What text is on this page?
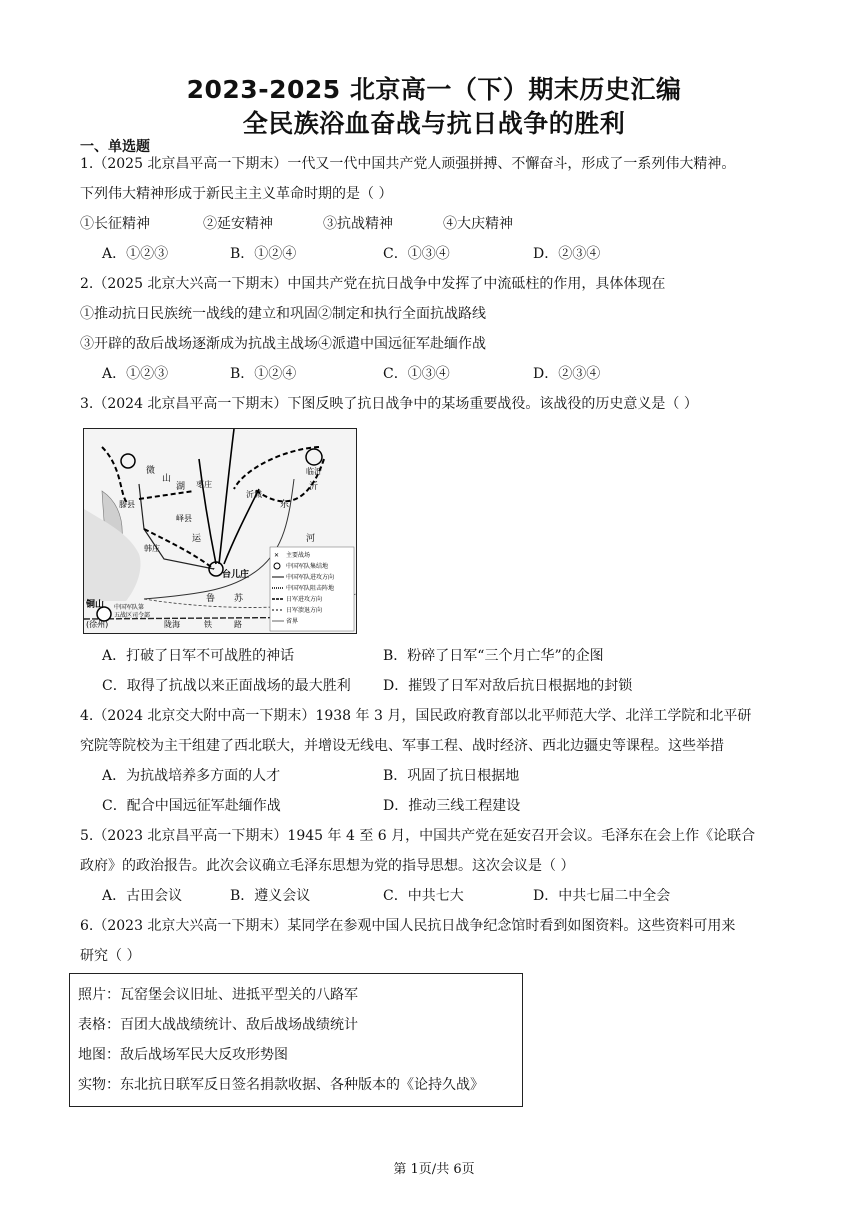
2023-2025 北京高一（下）期末历史汇编
全民族浴血奋战与抗日战争的胜利
一、单选题
1.（2025 北京昌平高一下期末）一代又一代中国共产党人顽强拼搏、不懈奋斗，形成了一系列伟大精神。
下列伟大精神形成于新民主主义革命时期的是（ ）
①长征精神	②延安精神	③抗战精神	④大庆精神
A．①②③	B．①②④	C．①③④	D．②③④
2.（2025 北京大兴高一下期末）中国共产党在抗日战争中发挥了中流砥柱的作用，具体体现在
①推动抗日民族统一战线的建立和巩固②制定和执行全面抗战路线
③开辟的敌后战场逐渐成为抗战主战场④派遣中国远征军赴缅作战
A．①②③	B．①②④	C．①③④	D．②③④
3.（2024 北京昌平高一下期末）下图反映了抗日战争中的某场重要战役。该战役的历史意义是（ ）
滕县
枣庄
峄县
韩庄
台儿庄
临沂
沂城
微
山
湖
东
沂
河
运
苏
鲁
铜山
陇海	铁	路
(徐州)
中国军队第
五战区司令部
✕ 主要战场
中国军队集结地
中国军队进攻方向
中国军队阻击阵地
日军进攻方向
日军溃退方向
省界
A．打破了日军不可战胜的神话	B．粉碎了日军“三个月亡华”的企图
C．取得了抗战以来正面战场的最大胜利 D．摧毁了日军对敌后抗日根据地的封锁
4.（2024 北京交大附中高一下期末）1938 年 3 月，国民政府教育部以北平师范大学、北洋工学院和北平研
究院等院校为主干组建了西北联大，并增设无线电、军事工程、战时经济、西北边疆史等课程。这些举措
A．为抗战培养多方面的人才	B．巩固了抗日根据地
C．配合中国远征军赴缅作战	D．推动三线工程建设
5.（2023 北京昌平高一下期末）1945 年 4 至 6 月，中国共产党在延安召开会议。毛泽东在会上作《论联合
政府》的政治报告。此次会议确立毛泽东思想为党的指导思想。这次会议是（ ）
A．古田会议	B．遵义会议	C．中共七大	D．中共七届二中全会
6.（2023 北京大兴高一下期末）某同学在参观中国人民抗日战争纪念馆时看到如图资料。这些资料可用来
研究（ ）
照片：瓦窑堡会议旧址、进抵平型关的八路军
表格：百团大战战绩统计、敌后战场战绩统计
地图：敌后战场军民大反攻形势图
实物：东北抗日联军反日签名捐款收据、各种版本的《论持久战》
第 1页/共 6页
